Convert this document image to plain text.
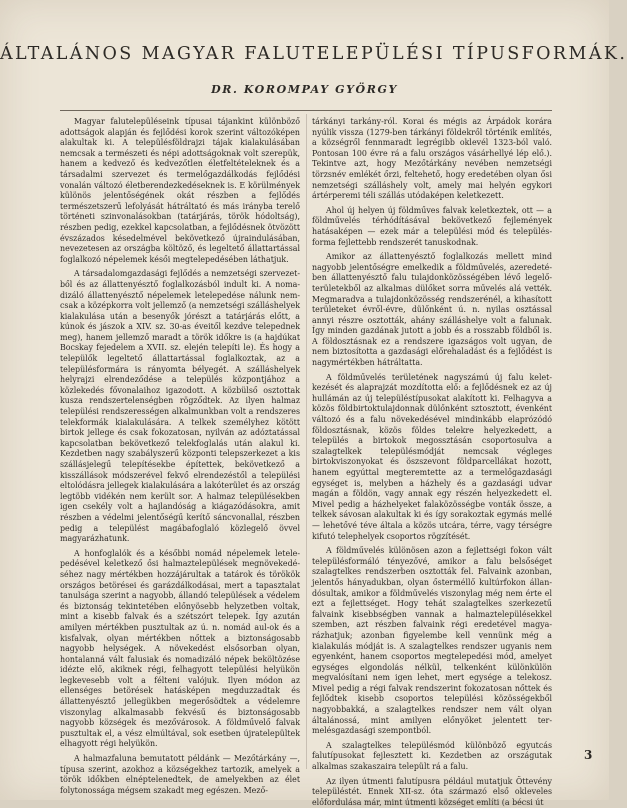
ÁLTALÁNOS MAGYAR FALUTELEPÜLÉSI TÍPUSFORMÁK.
DR. KOROMPAY GYÖRGY

Magyar falutelepüléseink típusai tájankint különböző adottságok alapján és fejlődési korok szerint változóképen alakultak ki. A településföldrajzi tájak kialakulásában nemcsak a természeti és népi adottságoknak volt szerepük, hanem a kedvező és kedvezőtlen életfeltételeknek és a társadalmi szervezet és termelőgazdálkodás fejlődési vonalán változó életberendezkedéseknek is. E körülmények különös jelentőségének okát részben a fejlődés természetszerű lefolyását hátráltató és más irányba terelő történeti szinvonalásokban (tatárjárás, török hódoltság), részben pedig, ezekkel kapcsolatban, a fejlődésnek ötvözött évszázados késedelmével bekövetkező újraindulásában, nevezetesen az országba költöző, és legeltető állattartással foglalkozó népelemek késői megtelepedésében láthatjuk.

A társadalomgazdasági fejlődés a nemzetségi szervezetből és az állattenyésztő foglalkozásból indult ki. A nomadizáló állattenyésztő népelemek letelepedése nálunk nemcsak a középkorra volt jellemző (a nemzetségi szálláshelyek kialakulása után a besenyők jórészt a tatárjárás előtt, a kúnok és jászok a XIV. sz. 30-as éveitől kezdve telepednek meg), hanem jellemző maradt a török időkre is (a hajdúkat Bocskay fejedelem a XVII. sz. elején telepíti le). És hogy a települők legeltető állattartással foglalkoztak, az a településformára is rányomta bélyegét. A szálláshelyek helyrajzi elrendeződése a település központjához a közlekedés fővonalaihoz igazodott. A közbülső osztottak kusza rendszertelenségben rögződtek. Az ilyen halmaz települési rendszerességen alkalmunkban volt a rendszeres telekformák kialakulására. A telkek személyhez kötött birtok jellege és csak fokozatosan, nyilván az adóztatással kapcsolatban bekövetkező telekfoglalás után alakul ki. Kezdetben nagy szabályszerű központi telepszerkezet a kis szállásjelegű telepítésekbe építettek, bekövetkező a kisszállások módszerével fekvő elrendezéstől a települési eltolódásra jellegek kialakulására a lakóterület és az ország legtöbb vidékén nem került sor. A halmaz településekben igen csekély volt a hajlandóság a kiágazódásokra, amit részben a védelmi jelentőségű kerítő sáncvonallal, részben pedig a települést magábafoglaló közlegelő övvel magyarázhatunk.

A honfoglalók és a későbbi nomád népelemek letelepedésével keletkező ősi halmaztelepülések megnövekedéséhez nagy mértékben hozzájárultak a tatárok és törökök országos betörései és garázdálkodásai, mert a tapasztalat tanulsága szerint a nagyobb, állandó települések a védelem és biztonság tekintetében előnyösebb helyzetben voltak, mint a kisebb falvak és a szétszórt telepek. Így azután amilyen mértékben pusztultak az ú. n. nomád aul-ok és a kisfalvak, olyan mértékben nőttek a biztonságosabb nagyobb helységek. A növekedést elsősorban olyan, hontalanná vált falusiak és nomadizáló népek beköltözése idézte elő, akiknek régi, felhagyott települési helyükön legkevesebb volt a félteni valójuk. Ilyen módon az ellenséges betörések hatásképen megduzzadtak és állattenyésztő jellegükben megerősödtek a védelemre viszonylag alkalmasabb fekvésű és biztonságosabb nagyobb községek és mezővárosok. A földművelő falvak pusztultak el, a vész elmúltával, sok esetben újratelepültek elhagyott régi helyükön.

A halmazfaluna bemutatott példánk — Mezőtárkány —, típusa szerint, azokhoz a községekhez tartozik, amelyek a török időkben elnéptelenedtek, de amelyekben az élet folytonossága mégsem szakadt meg egészen. Mező-

tárkányi tarkány-ról. Korai és mégis az Árpádok korára nyúlik vissza (1279-ben tárkányi földekről történik említés, a községről fennmaradt legrégibb oklevél 1323-ból való. Pontosan 100 évre rá a falu országos vásárhellyé lép elő.). Tekintve azt, hogy Mezőtárkány nevében nemzetségi törzsnév emlékét őrzi, feltehető, hogy eredetében olyan ősi nemzetségi szálláshely volt, amely mai helyén egykori ártérperemi téli szállás utódaképen keletkezett.

Ahol új helyen új földműves falvak keletkeztek, ott — a földművelés térhódításával bekövetkező fejlemények hatásaképen — ezek már a települési mód és településforma fejlettebb rendszerét tanuskodnak.

Amikor az állattenyésztő foglalkozás mellett mind nagyobb jelentőségre emelkedik a földművelés, azeredetében állattenyésztő falu tulajdonközösségében lévő legelőterületekből az alkalmas dülőket sorra művelés alá vették. Megmaradva a tulajdonközösség rendszerénél, a kihasított területeket évről-évre, dülőnként ú. n. nyilas osztással annyi részre osztották, ahány szálláshelye volt a falunak. Így minden gazdának jutott a jobb és a rosszabb földből is. A földosztásnak ez a rendszere igazságos volt ugyan, de nem biztosította a gazdasági előrehaladást és a fejlődést is nagymértékben hátráltatta.

A földművelés területének nagyszámú új falu keletkezését és alaprajzát mozdította elő: a fejlődésnek ez az új hullámán az új településtípusokat alakított ki. Felhagyva a közös földbirtoktulajdonnak dülőnként sztosztott, évenként változó és a falu növekedésével mindinkább elaprózódó földosztásnak, közös földes telekre helyezkedett, a település a birtokok megossztásán csoportosulva a szalagtelkek településmódját nemcsak végleges birtokviszonyokat és öszszevont földparcellákat hozott, hanem egyúttal megteremtette az a termelőgazdasági egységet is, melyben a házhely és a gazdasági udvar magán a földön, vagy annak egy részén helyezkedett el. Mivel pedig a házhelyeket falaközösségbe vonták össze, a telkek sávosan alakultak ki és így sorakoztak egymás mellé — lehetővé téve általa a közös utcára, térre, vagy térségre kifutó telephelyek csoportos rögzítését.

A földművelés különösen azon a fejlettségi fokon vált településformáló tényezővé, amikor a falu belsőséget szalagtelkes rendszerben osztották fel. Falvaink azonban, jelentős hányadukban, olyan ősterméllő kultúrfokon állandósultak, amikor a földművelés viszonylag még nem érte el ezt a fejlettséget. Hogy tehát szalagtelkes szerkezetű falvaink kisebbségben vannak a halmaztelepülésekkel szemben, azt részben falvaink régi eredetével magyarázhatjuk; azonban figyelembe kell vennünk még a kialakulás módját is. A szalagtelkes rendszer ugyanis nem egyenként, hanem csoportos megtelepedési mód, amelyet egységes elgondolás nélkül, telkenként különkülön megvalósítani nem igen lehet, mert egysége a telekosz. Mivel pedig a régi falvak rendszerint fokozatosan nőttek és fejlődtek kisebb csoportos települési közösségekből nagyobbakká, a szalagtelkes rendszer nem vált olyan általánossá, mint amilyen előnyöket jelentett termelésgazdasági szempontból.

A szalagtelkes településmód különböző egyutcás falutípusokat fejlesztett ki. Kezdetben az országutak alkalmas szakaszaira települt rá a falu.

Az ilyen útmenti falutípusra például mutatjuk Öttevény településtét. Ennek XII-sz. óta származó első okleveles előfordulása már, mint útmenti községet említi (a bécsi út

3
